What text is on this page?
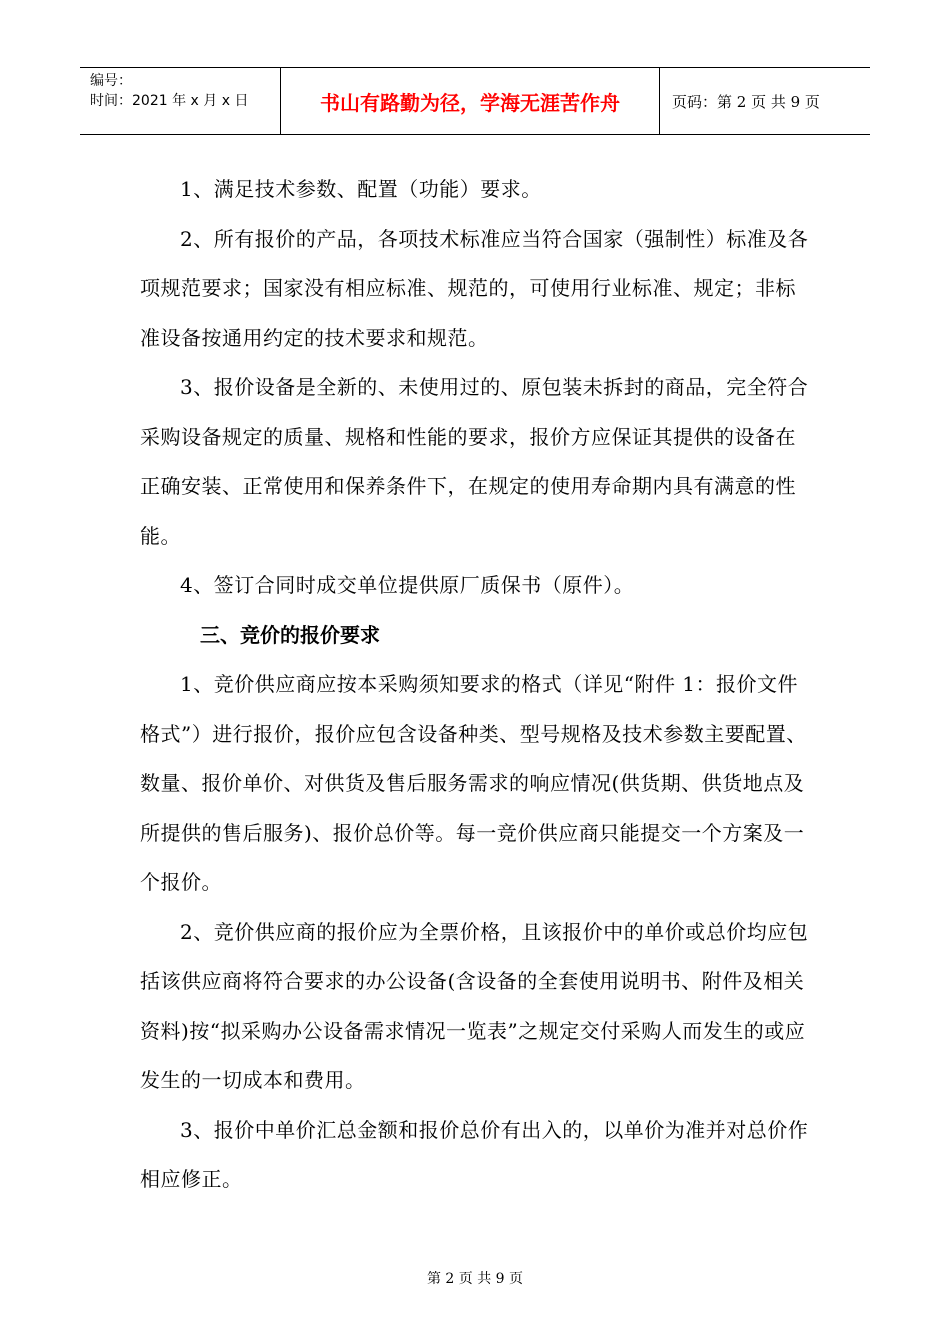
编号：
时间：2021 年 x 月 x 日	书山有路勤为径，学海无涯苦作舟	页码：第 2 页 共 9 页

1、满足技术参数、配置（功能）要求。

2、所有报价的产品，各项技术标准应当符合国家（强制性）标准及各项规范要求；国家没有相应标准、规范的，可使用行业标准、规定；非标准设备按通用约定的技术要求和规范。

3、报价设备是全新的、未使用过的、原包装未拆封的商品，完全符合采购设备规定的质量、规格和性能的要求，报价方应保证其提供的设备在正确安装、正常使用和保养条件下，在规定的使用寿命期内具有满意的性能。

4、签订合同时成交单位提供原厂质保书（原件）。

三、竞价的报价要求

1、竞价供应商应按本采购须知要求的格式（详见“附件 1：报价文件格式”）进行报价，报价应包含设备种类、型号规格及技术参数主要配置、数量、报价单价、对供货及售后服务需求的响应情况(供货期、供货地点及所提供的售后服务)、报价总价等。每一竞价供应商只能提交一个方案及一个报价。

2、竞价供应商的报价应为全票价格，且该报价中的单价或总价均应包括该供应商将符合要求的办公设备(含设备的全套使用说明书、附件及相关资料)按“拟采购办公设备需求情况一览表”之规定交付采购人而发生的或应发生的一切成本和费用。

3、报价中单价汇总金额和报价总价有出入的，以单价为准并对总价作相应修正。

第 2 页 共 9 页
